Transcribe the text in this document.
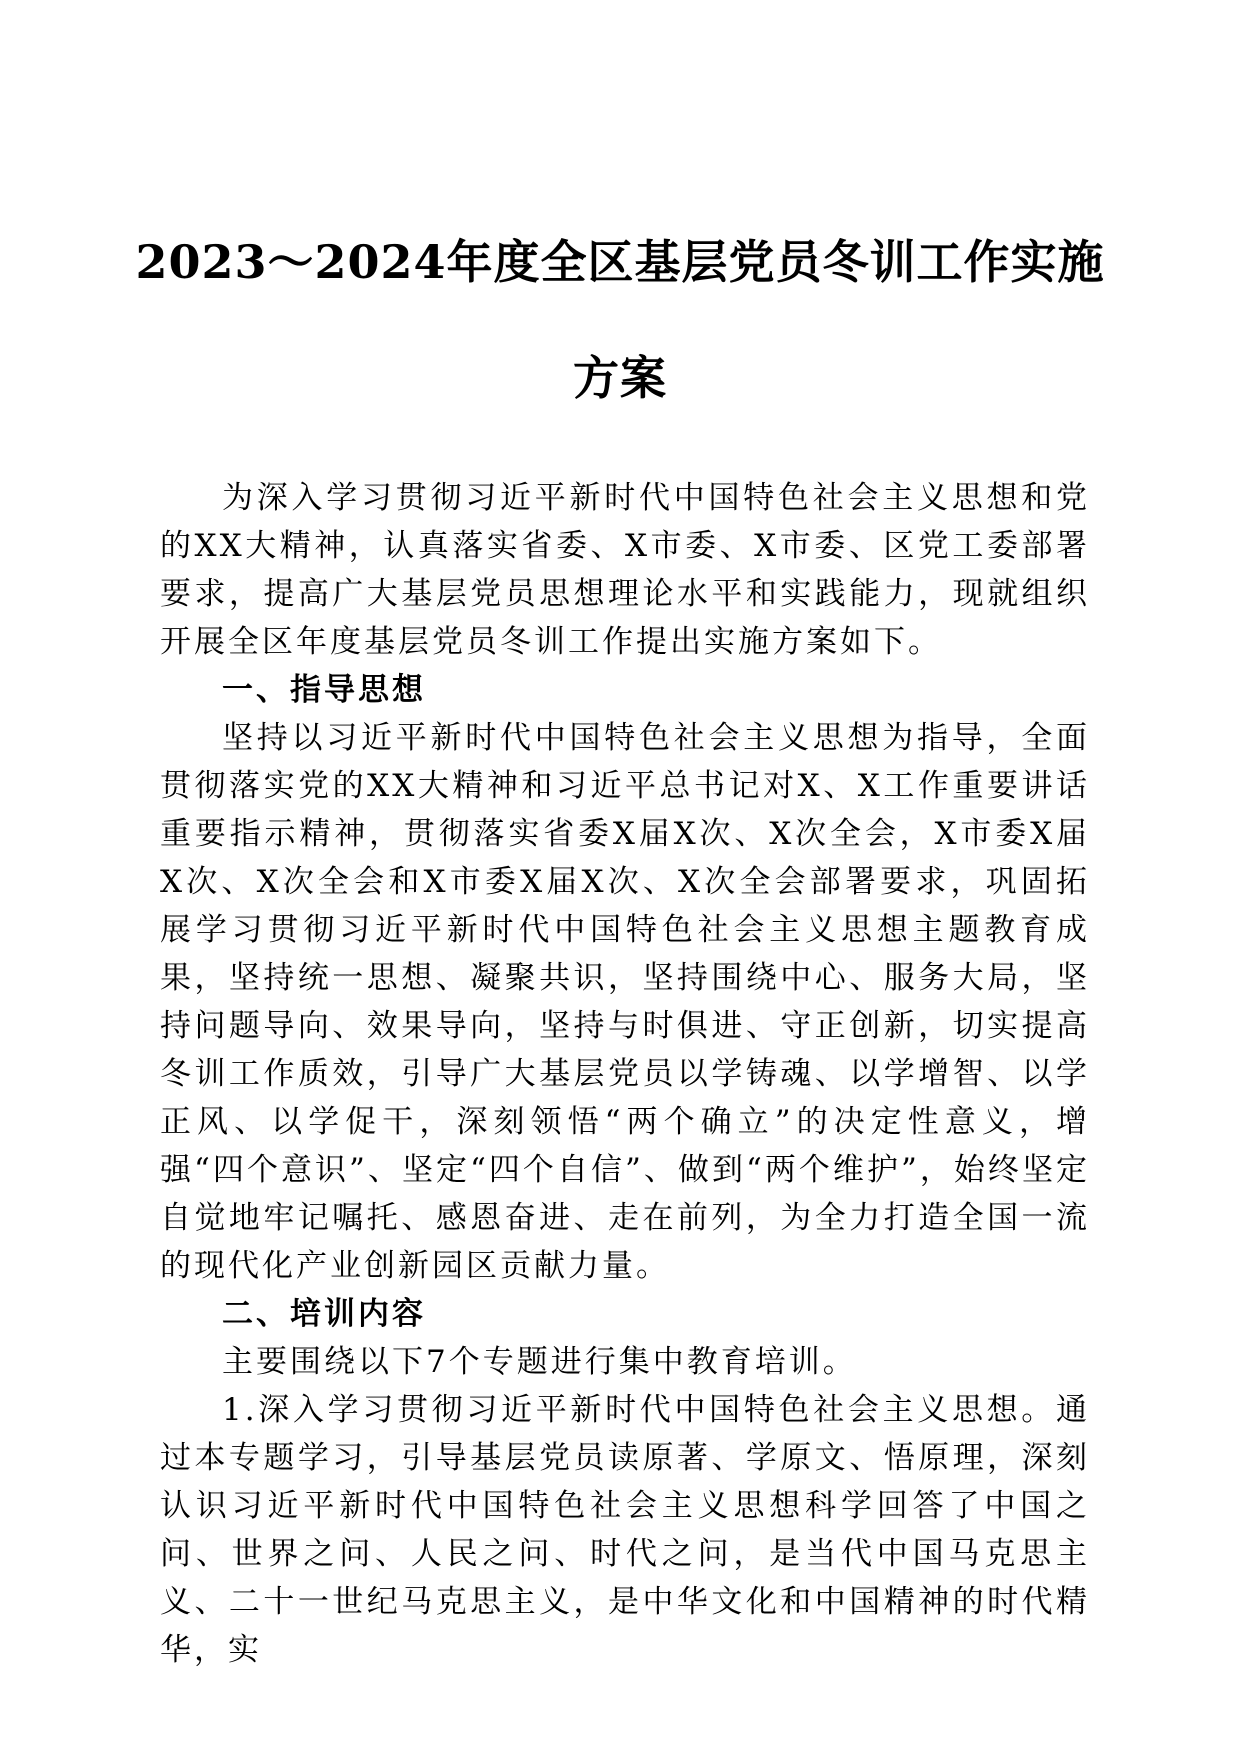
2023～2024年度全区基层党员冬训工作实施
方案

为深入学习贯彻习近平新时代中国特色社会主义思想和党的XX大精神，认真落实省委、X市委、X市委、区党工委部署要求，提高广大基层党员思想理论水平和实践能力，现就组织开展全区年度基层党员冬训工作提出实施方案如下。

一、指导思想

坚持以习近平新时代中国特色社会主义思想为指导，全面贯彻落实党的XX大精神和习近平总书记对X、X工作重要讲话重要指示精神，贯彻落实省委X届X次、X次全会，X市委X届X次、X次全会和X市委X届X次、X次全会部署要求，巩固拓展学习贯彻习近平新时代中国特色社会主义思想主题教育成果，坚持统一思想、凝聚共识，坚持围绕中心、服务大局，坚持问题导向、效果导向，坚持与时俱进、守正创新，切实提高冬训工作质效，引导广大基层党员以学铸魂、以学增智、以学正风、以学促干，深刻领悟“两个确立”的决定性意义，增强“四个意识”、坚定“四个自信”、做到“两个维护”，始终坚定自觉地牢记嘱托、感恩奋进、走在前列，为全力打造全国一流的现代化产业创新园区贡献力量。

二、培训内容

主要围绕以下7个专题进行集中教育培训。

1.深入学习贯彻习近平新时代中国特色社会主义思想。通过本专题学习，引导基层党员读原著、学原文、悟原理，深刻认识习近平新时代中国特色社会主义思想科学回答了中国之问、世界之问、人民之问、时代之问，是当代中国马克思主义、二十一世纪马克思主义，是中华文化和中国精神的时代精华，实
